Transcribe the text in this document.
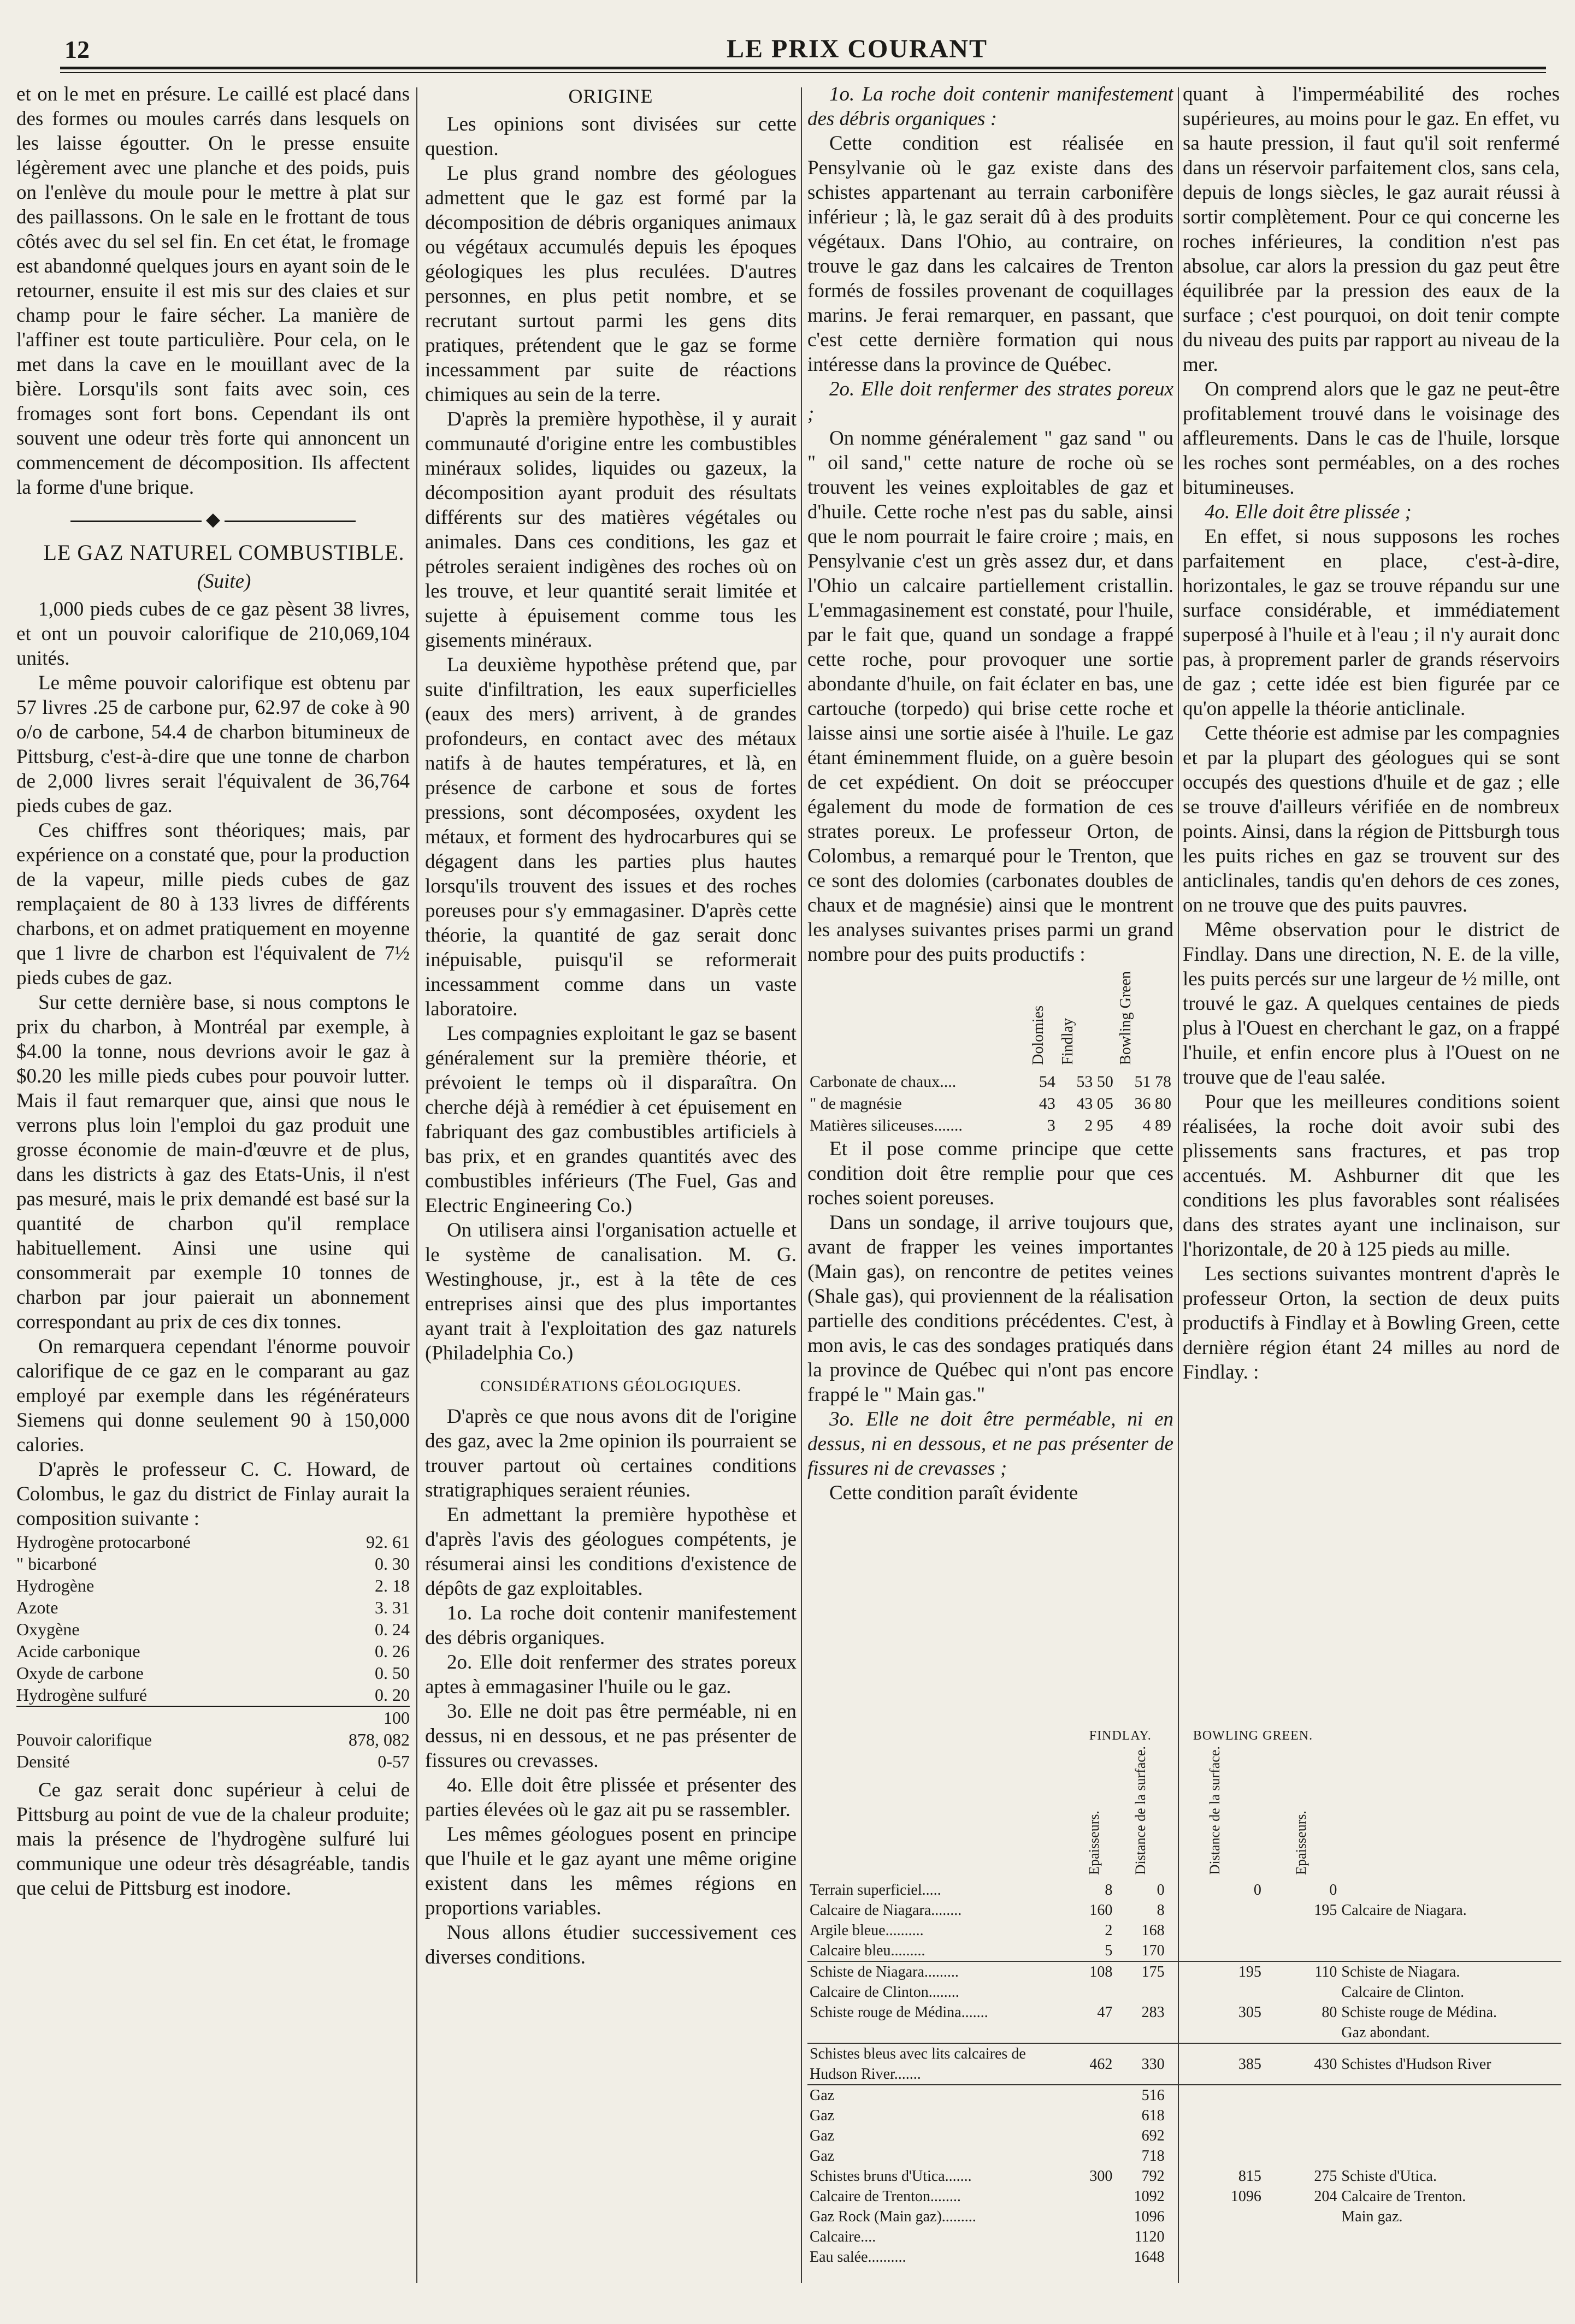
12	LE PRIX COURANT

et on le met en présure. Le caillé est placé dans des formes ou moules carrés dans lesquels on les laisse égoutter. On le presse ensuite légèrement avec une planche et des poids, puis on l'enlève du moule pour le mettre à plat sur des paillassons. On le sale en le frottant de tous côtés avec du sel sel fin. En cet état, le fromage est abandonné quelques jours en ayant soin de le retourner, ensuite il est mis sur des claies et sur champ pour le faire sécher. La manière de l'affiner est toute particulière. Pour cela, on le met dans la cave en le mouillant avec de la bière. Lorsqu'ils sont faits avec soin, ces fromages sont fort bons. Cependant ils ont souvent une odeur très forte qui annoncent un commencement de décomposition. Ils affectent la forme d'une brique.

◆

LE GAZ NATUREL COMBUSTIBLE.

(Suite)

1,000 pieds cubes de ce gaz pèsent 38 livres, et ont un pouvoir calorifique de 210,069,104 unités.

Le même pouvoir calorifique est obtenu par 57 livres .25 de carbone pur, 62.97 de coke à 90 o/o de carbone, 54.4 de charbon bitumineux de Pittsburg, c'est-à-dire que une tonne de charbon de 2,000 livres serait l'équivalent de 36,764 pieds cubes de gaz.

Ces chiffres sont théoriques; mais, par expérience on a constaté que, pour la production de la vapeur, mille pieds cubes de gaz remplaçaient de 80 à 133 livres de différents charbons, et on admet pratiquement en moyenne que 1 livre de charbon est l'équivalent de 7½ pieds cubes de gaz.

Sur cette dernière base, si nous comptons le prix du charbon, à Montréal par exemple, à $4.00 la tonne, nous devrions avoir le gaz à $0.20 les mille pieds cubes pour pouvoir lutter. Mais il faut remarquer que, ainsi que nous le verrons plus loin l'emploi du gaz produit une grosse économie de main-d'œuvre et de plus, dans les districts à gaz des Etats-Unis, il n'est pas mesuré, mais le prix demandé est basé sur la quantité de charbon qu'il remplace habituellement. Ainsi une usine qui consommerait par exemple 10 tonnes de charbon par jour paierait un abonnement correspondant au prix de ces dix tonnes.

On remarquera cependant l'énorme pouvoir calorifique de ce gaz en le comparant au gaz employé par exemple dans les régénérateurs Siemens qui donne seulement 90 à 150,000 calories.

D'après le professeur C. C. Howard, de Colombus, le gaz du district de Finlay aurait la composition suivante :

Hydrogène protocarboné	92. 61
" bicarboné	0. 30
Hydrogène	2. 18
Azote	3. 31
Oxygène	0. 24
Acide carbonique	0. 26
Oxyde de carbone	0. 50
Hydrogène sulfuré	0. 20
	100
Pouvoir calorifique	878, 082
Densité	0-57

Ce gaz serait donc supérieur à celui de Pittsburg au point de vue de la chaleur produite; mais la présence de l'hydrogène sulfuré lui communique une odeur très désagréable, tandis que celui de Pittsburg est inodore.

ORIGINE

Les opinions sont divisées sur cette question.

Le plus grand nombre des géologues admettent que le gaz est formé par la décomposition de débris organiques animaux ou végétaux accumulés depuis les époques géologiques les plus reculées. D'autres personnes, en plus petit nombre, et se recrutant surtout parmi les gens dits pratiques, prétendent que le gaz se forme incessamment par suite de réactions chimiques au sein de la terre.

D'après la première hypothèse, il y aurait communauté d'origine entre les combustibles minéraux solides, liquides ou gazeux, la décomposition ayant produit des résultats différents sur des matières végétales ou animales. Dans ces conditions, les gaz et pétroles seraient indigènes des roches où on les trouve, et leur quantité serait limitée et sujette à épuisement comme tous les gisements minéraux.

La deuxième hypothèse prétend que, par suite d'infiltration, les eaux superficielles (eaux des mers) arrivent, à de grandes profondeurs, en contact avec des métaux natifs à de hautes températures, et là, en présence de carbone et sous de fortes pressions, sont décomposées, oxydent les métaux, et forment des hydrocarbures qui se dégagent dans les parties plus hautes lorsqu'ils trouvent des issues et des roches poreuses pour s'y emmagasiner. D'après cette théorie, la quantité de gaz serait donc inépuisable, puisqu'il se reformerait incessamment comme dans un vaste laboratoire.

Les compagnies exploitant le gaz se basent généralement sur la première théorie, et prévoient le temps où il disparaîtra. On cherche déjà à remédier à cet épuisement en fabriquant des gaz combustibles artificiels à bas prix, et en grandes quantités avec des combustibles inférieurs (The Fuel, Gas and Electric Engineering Co.)

On utilisera ainsi l'organisation actuelle et le système de canalisation. M. G. Westinghouse, jr., est à la tête de ces entreprises ainsi que des plus importantes ayant trait à l'exploitation des gaz naturels (Philadelphia Co.)

CONSIDÉRATIONS GÉOLOGIQUES.

D'après ce que nous avons dit de l'origine des gaz, avec la 2me opinion ils pourraient se trouver partout où certaines conditions stratigraphiques seraient réunies.

En admettant la première hypothèse et d'après l'avis des géologues compétents, je résumerai ainsi les conditions d'existence de dépôts de gaz exploitables.

1o. La roche doit contenir manifestement des débris organiques.

2o. Elle doit renfermer des strates poreux aptes à emmagasiner l'huile ou le gaz.

3o. Elle ne doit pas être perméable, ni en dessus, ni en dessous, et ne pas présenter de fissures ou crevasses.

4o. Elle doit être plissée et présenter des parties élevées où le gaz ait pu se rassembler.

Les mêmes géologues posent en principe que l'huile et le gaz ayant une même origine existent dans les mêmes régions en proportions variables.

Nous allons étudier successivement ces diverses conditions.

1o. La roche doit contenir manifestement des débris organiques :

Cette condition est réalisée en Pensylvanie où le gaz existe dans des schistes appartenant au terrain carbonifère inférieur ; là, le gaz serait dû à des produits végétaux. Dans l'Ohio, au contraire, on trouve le gaz dans les calcaires de Trenton formés de fossiles provenant de coquillages marins. Je ferai remarquer, en passant, que c'est cette dernière formation qui nous intéresse dans la province de Québec.

2o. Elle doit renfermer des strates poreux ;

On nomme généralement " gaz sand " ou " oil sand," cette nature de roche où se trouvent les veines exploitables de gaz et d'huile. Cette roche n'est pas du sable, ainsi que le nom pourrait le faire croire ; mais, en Pensylvanie c'est un grès assez dur, et dans l'Ohio un calcaire partiellement cristallin. L'emmagasinement est constaté, pour l'huile, par le fait que, quand un sondage a frappé cette roche, pour provoquer une sortie abondante d'huile, on fait éclater en bas, une cartouche (torpedo) qui brise cette roche et laisse ainsi une sortie aisée à l'huile. Le gaz étant éminemment fluide, on a guère besoin de cet expédient. On doit se préoccuper également du mode de formation de ces strates poreux. Le professeur Orton, de Colombus, a remarqué pour le Trenton, que ce sont des dolomies (carbonates doubles de chaux et de magnésie) ainsi que le montrent les analyses suivantes prises parmi un grand nombre pour des puits productifs :

	Dolomies	Findlay	Bowling Green
Carbonate de chaux....	54	53 50	51 78
" de magnésie	43	43 05	36 80
Matières siliceuses.......	3	2 95	4 89

Et il pose comme principe que cette condition doit être remplie pour que ces roches soient poreuses.

Dans un sondage, il arrive toujours que, avant de frapper les veines importantes (Main gas), on rencontre de petites veines (Shale gas), qui proviennent de la réalisation partielle des conditions précédentes. C'est, à mon avis, le cas des sondages pratiqués dans la province de Québec qui n'ont pas encore frappé le " Main gas."

3o. Elle ne doit être perméable, ni en dessus, ni en dessous, et ne pas présenter de fissures ni de crevasses ;

Cette condition paraît évidente

quant à l'imperméabilité des roches supérieures, au moins pour le gaz. En effet, vu sa haute pression, il faut qu'il soit renfermé dans un réservoir parfaitement clos, sans cela, depuis de longs siècles, le gaz aurait réussi à sortir complètement. Pour ce qui concerne les roches inférieures, la condition n'est pas absolue, car alors la pression du gaz peut être équilibrée par la pression des eaux de la surface ; c'est pourquoi, on doit tenir compte du niveau des puits par rapport au niveau de la mer.

On comprend alors que le gaz ne peut-être profitablement trouvé dans le voisinage des affleurements. Dans le cas de l'huile, lorsque les roches sont perméables, on a des roches bitumineuses.

4o. Elle doit être plissée ;

En effet, si nous supposons les roches parfaitement en place, c'est-à-dire, horizontales, le gaz se trouve répandu sur une surface considérable, et immédiatement superposé à l'huile et à l'eau ; il n'y aurait donc pas, à proprement parler de grands réservoirs de gaz ; cette idée est bien figurée par ce qu'on appelle la théorie anticlinale.

Cette théorie est admise par les compagnies et par la plupart des géologues qui se sont occupés des questions d'huile et de gaz ; elle se trouve d'ailleurs vérifiée en de nombreux points. Ainsi, dans la région de Pittsburgh tous les puits riches en gaz se trouvent sur des anticlinales, tandis qu'en dehors de ces zones, on ne trouve que des puits pauvres.

Même observation pour le district de Findlay. Dans une direction, N. E. de la ville, les puits percés sur une largeur de ½ mille, ont trouvé le gaz. A quelques centaines de pieds plus à l'Ouest en cherchant le gaz, on a frappé l'huile, et enfin encore plus à l'Ouest on ne trouve que de l'eau salée.

Pour que les meilleures conditions soient réalisées, la roche doit avoir subi des plissements sans fractures, et pas trop accentués. M. Ashburner dit que les conditions les plus favorables sont réalisées dans des strates ayant une inclinaison, sur l'horizontale, de 20 à 125 pieds au mille.

Les sections suivantes montrent d'après le professeur Orton, la section de deux puits productifs à Findlay et à Bowling Green, cette dernière région étant 24 milles au nord de Findlay. :

	FINDLAY.		BOWLING GREEN.		
	Epaisseurs.	Distance de la surface.	Distance de la surface.	Epaisseurs.	
Terrain superficiel.....	8	0	0	0	
Calcaire de Niagara........	160	8		195	Calcaire de Niagara.
Argile bleue..........	2	168			
Calcaire bleu.........	5	170			
Schiste de Niagara.........	108	175	195	110	Schiste de Niagara.
Calcaire de Clinton........					Calcaire de Clinton.
Schiste rouge de Médina.......	47	283	305	80	Schiste rouge de Médina.
					Gaz abondant.
Schistes bleus avec lits calcaires de Hudson River.......	462	330	385	430	Schistes d'Hudson River
Gaz		516			
Gaz		618			
Gaz		692			
Gaz		718			
Schistes bruns d'Utica.......	300	792	815	275	Schiste d'Utica.
Calcaire de Trenton........		1092	1096	204	Calcaire de Trenton.
Gaz Rock (Main gaz).........		1096			Main gaz.
Calcaire....		1120			
Eau salée..........		1648			
